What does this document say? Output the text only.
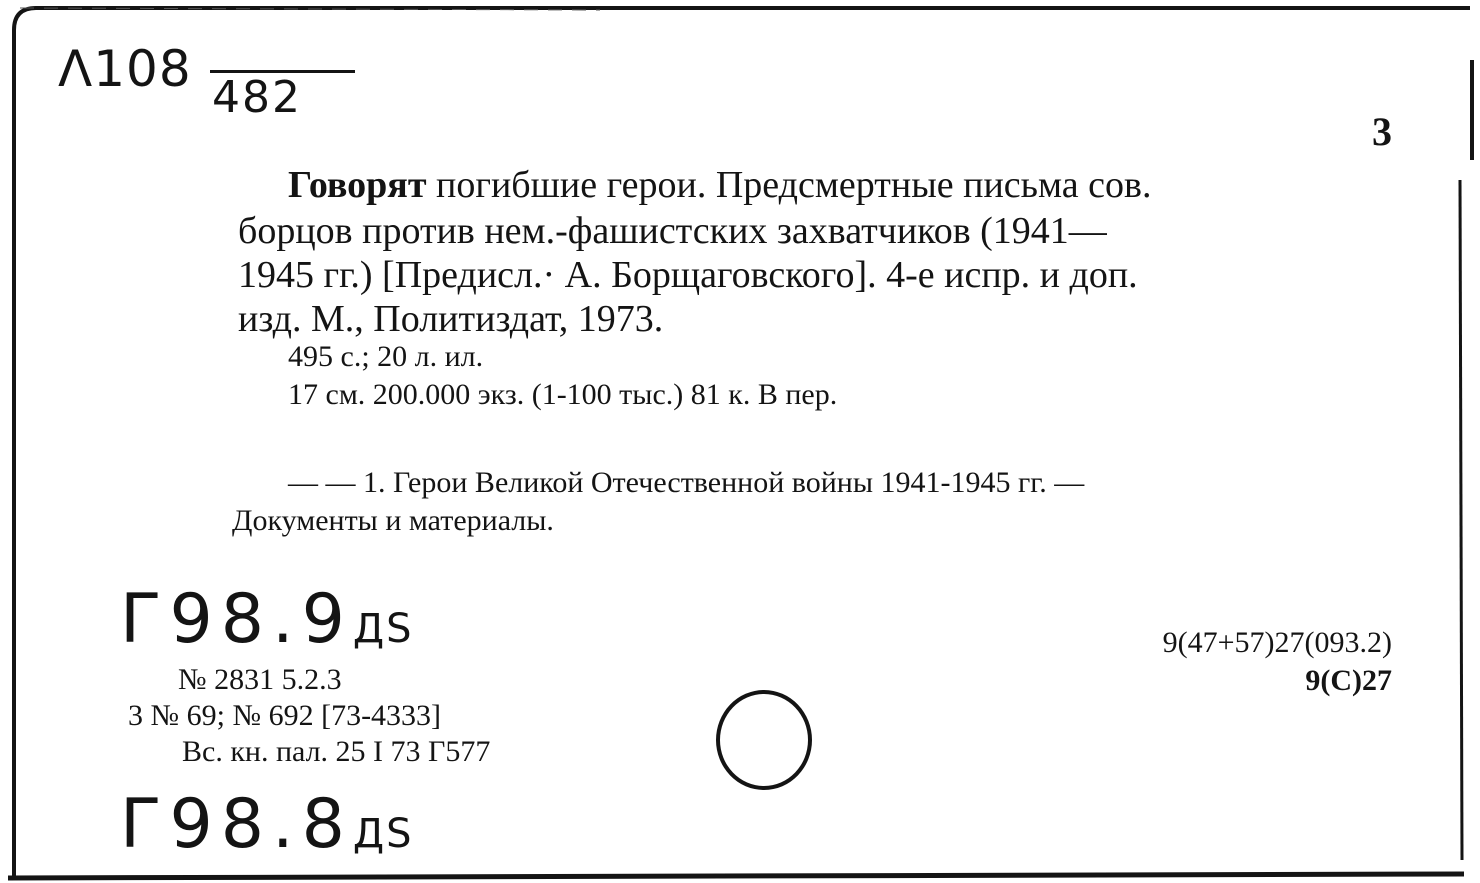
Λ108 482
3
Говорят погибшие герои. Предсмертные письма сов.
борцов против нем.-фашистских захватчиков (1941—
1945 гг.) [Предисл.· А. Борщаговского]. 4-е испр. и доп.
изд. М., Политиздат, 1973.
495 с.; 20 л. ил.
17 см. 200.000 экз. (1-100 тыс.) 81 к. В пер.
— — 1. Герои Великой Отечественной войны 1941-1945 гг. —
Документы и материалы.
Г98.9ДS
№ 2831 5.2.3
3 № 69; № 692 [73-4333]
Вс. кн. пал. 25 I 73 Г577
Г98.8ДS
9(47+57)27(093.2)
9(С)27
